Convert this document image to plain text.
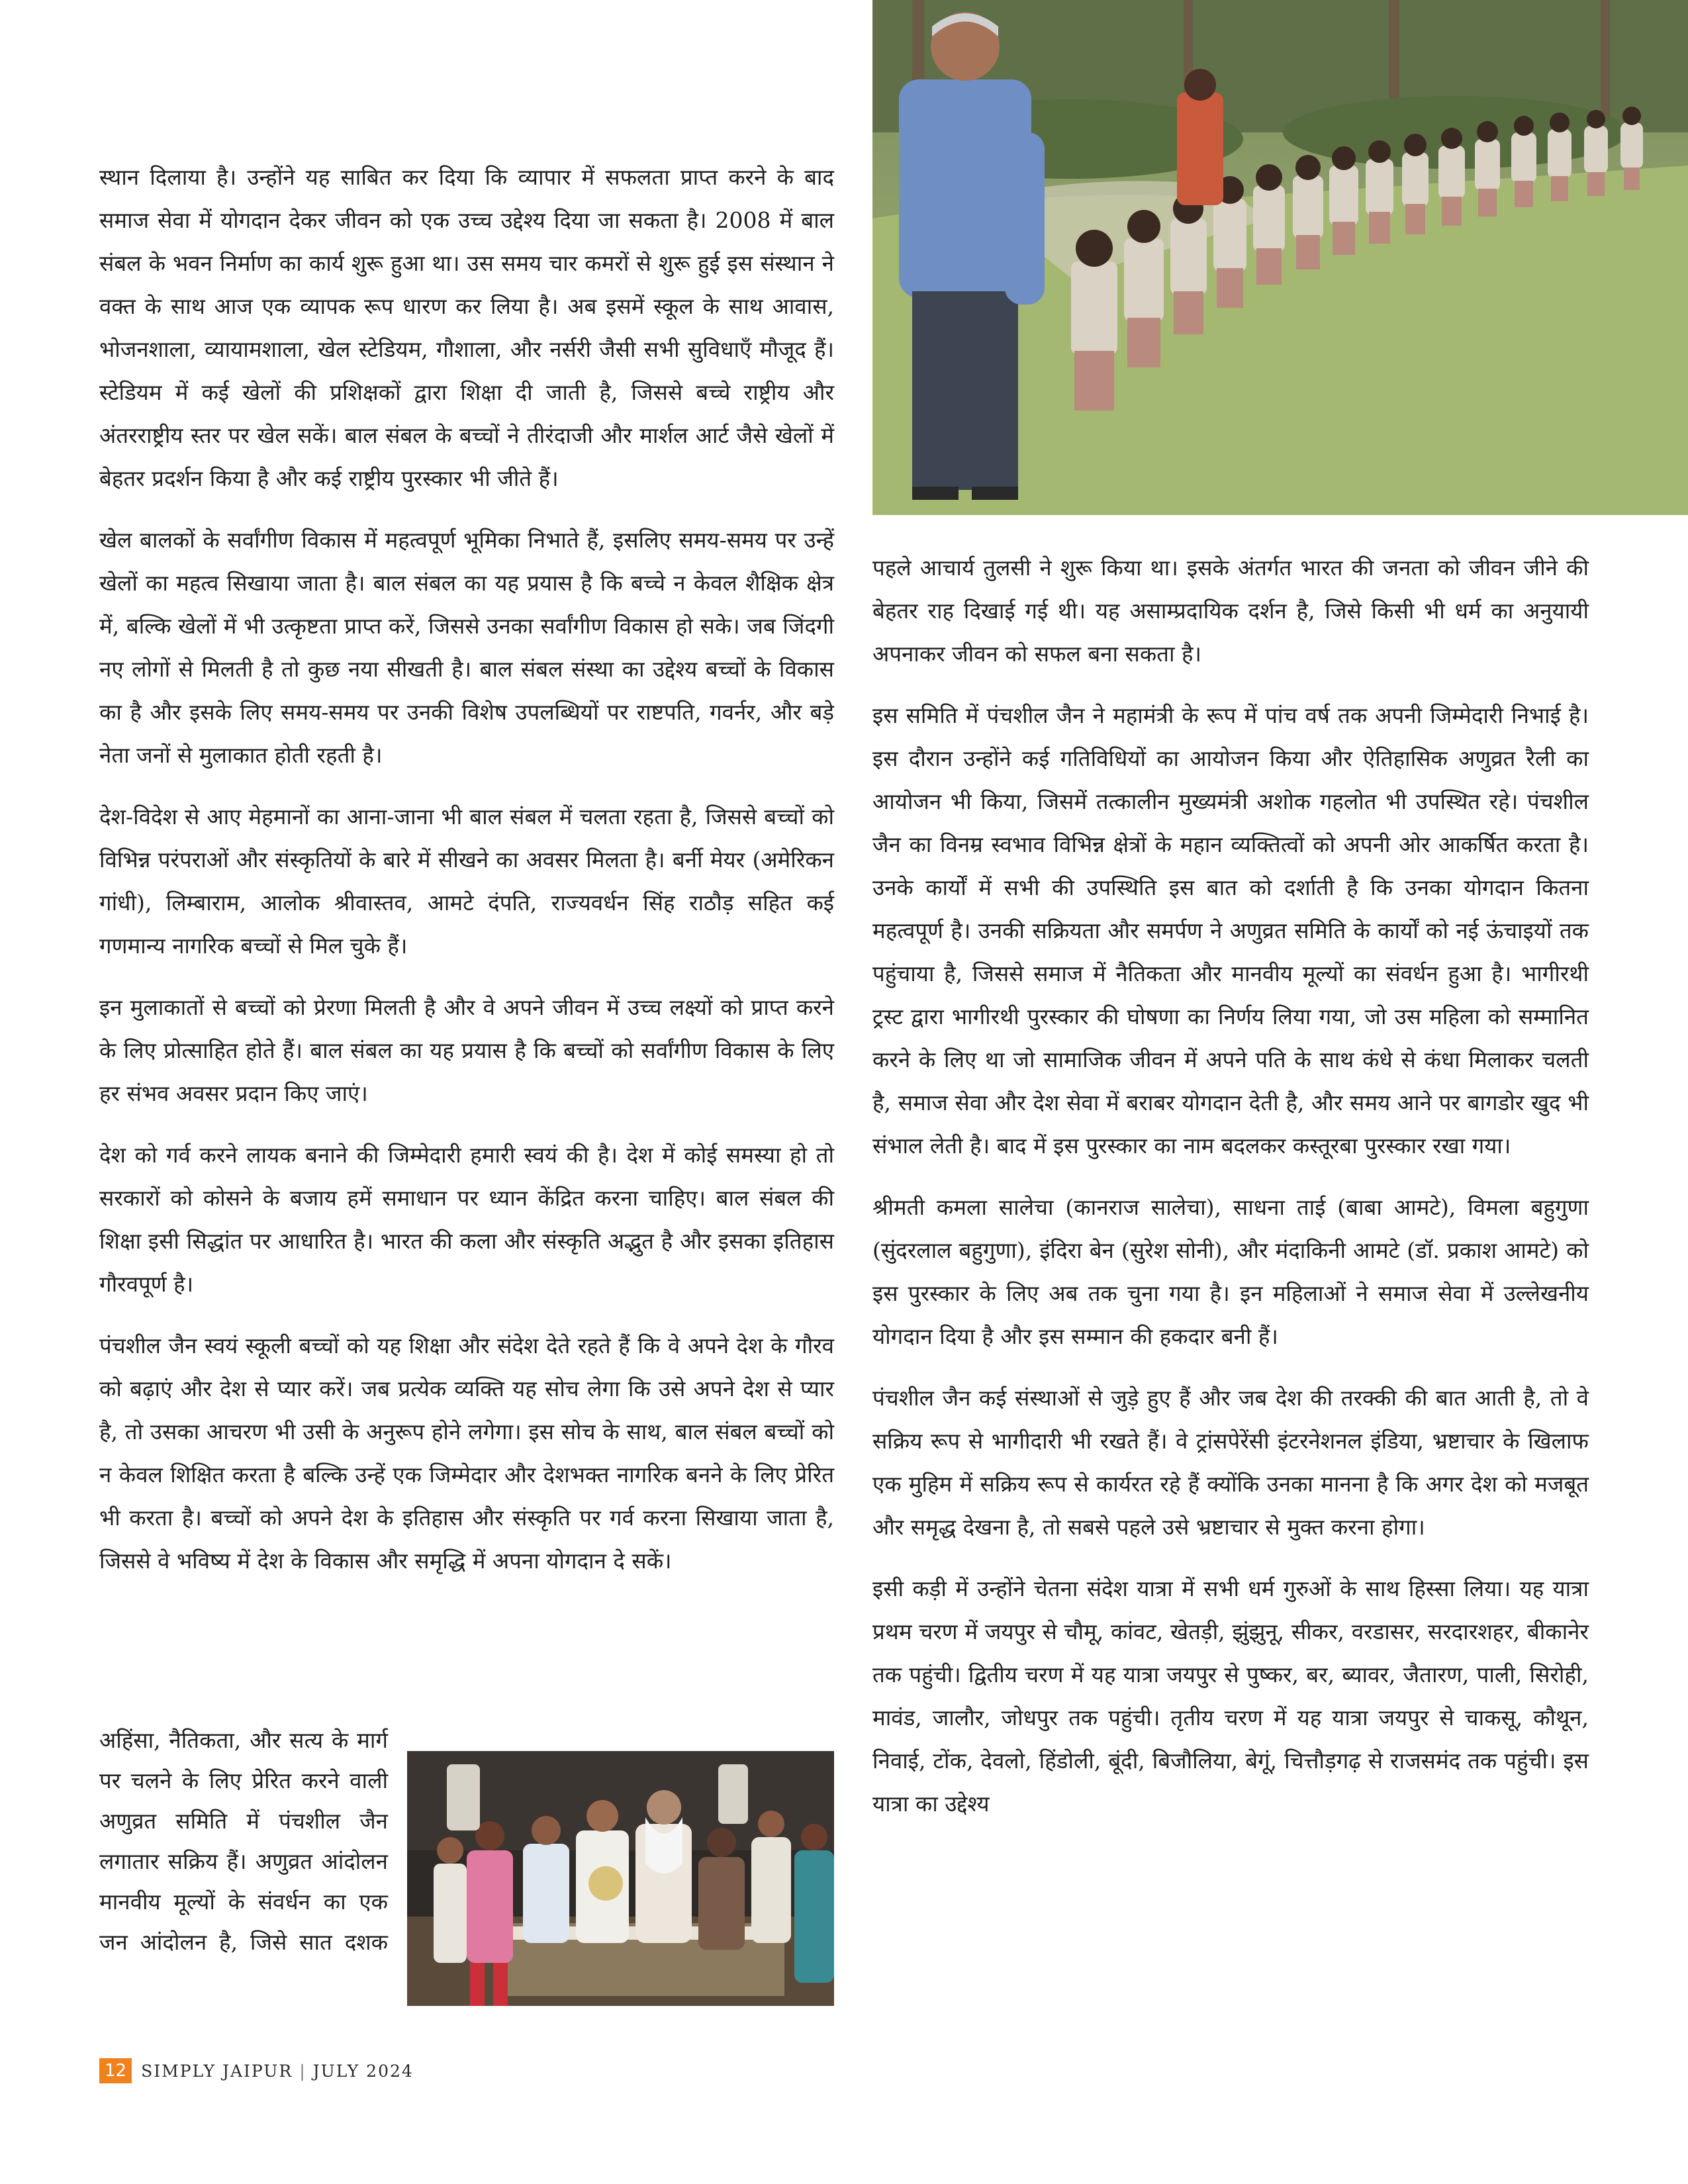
स्थान दिलाया है। उन्होंने यह साबित कर दिया कि व्यापार में सफलता प्राप्त करने के बाद समाज सेवा में योगदान देकर जीवन को एक उच्च उद्देश्य दिया जा सकता है। 2008 में बाल संबल के भवन निर्माण का कार्य शुरू हुआ था। उस समय चार कमरों से शुरू हुई इस संस्थान ने वक्त के साथ आज एक व्यापक रूप धारण कर लिया है। अब इसमें स्कूल के साथ आवास, भोजनशाला, व्यायामशाला, खेल स्टेडियम, गौशाला, और नर्सरी जैसी सभी सुविधाएँ मौजूद हैं। स्टेडियम में कई खेलों की प्रशिक्षकों द्वारा शिक्षा दी जाती है, जिससे बच्चे राष्ट्रीय और अंतरराष्ट्रीय स्तर पर खेल सकें। बाल संबल के बच्चों ने तीरंदाजी और मार्शल आर्ट जैसे खेलों में बेहतर प्रदर्शन किया है और कई राष्ट्रीय पुरस्कार भी जीते हैं।

खेल बालकों के सर्वांगीण विकास में महत्वपूर्ण भूमिका निभाते हैं, इसलिए समय-समय पर उन्हें खेलों का महत्व सिखाया जाता है। बाल संबल का यह प्रयास है कि बच्चे न केवल शैक्षिक क्षेत्र में, बल्कि खेलों में भी उत्कृष्टता प्राप्त करें, जिससे उनका सर्वांगीण विकास हो सके। जब जिंदगी नए लोगों से मिलती है तो कुछ नया सीखती है। बाल संबल संस्था का उद्देश्य बच्चों के विकास का है और इसके लिए समय-समय पर उनकी विशेष उपलब्धियों पर राष्टपति, गवर्नर, और बड़े नेता जनों से मुलाकात होती रहती है।

देश-विदेश से आए मेहमानों का आना-जाना भी बाल संबल में चलता रहता है, जिससे बच्चों को विभिन्न परंपराओं और संस्कृतियों के बारे में सीखने का अवसर मिलता है। बर्नी मेयर (अमेरिकन गांधी), लिम्बाराम, आलोक श्रीवास्तव, आमटे दंपति, राज्यवर्धन सिंह राठौड़ सहित कई गणमान्य नागरिक बच्चों से मिल चुके हैं।

इन मुलाकातों से बच्चों को प्रेरणा मिलती है और वे अपने जीवन में उच्च लक्ष्यों को प्राप्त करने के लिए प्रोत्साहित होते हैं। बाल संबल का यह प्रयास है कि बच्चों को सर्वांगीण विकास के लिए हर संभव अवसर प्रदान किए जाएं।

देश को गर्व करने लायक बनाने की जिम्मेदारी हमारी स्वयं की है। देश में कोई समस्या हो तो सरकारों को कोसने के बजाय हमें समाधान पर ध्यान केंद्रित करना चाहिए। बाल संबल की शिक्षा इसी सिद्धांत पर आधारित है। भारत की कला और संस्कृति अद्भुत है और इसका इतिहास गौरवपूर्ण है।

पंचशील जैन स्वयं स्कूली बच्चों को यह शिक्षा और संदेश देते रहते हैं कि वे अपने देश के गौरव को बढ़ाएं और देश से प्यार करें। जब प्रत्येक व्यक्ति यह सोच लेगा कि उसे अपने देश से प्यार है, तो उसका आचरण भी उसी के अनुरूप होने लगेगा। इस सोच के साथ, बाल संबल बच्चों को न केवल शिक्षित करता है बल्कि उन्हें एक जिम्मेदार और देशभक्त नागरिक बनने के लिए प्रेरित भी करता है। बच्चों को अपने देश के इतिहास और संस्कृति पर गर्व करना सिखाया जाता है, जिससे वे भविष्य में देश के विकास और समृद्धि में अपना योगदान दे सकें।

अहिंसा, नैतिकता, और सत्य के मार्ग पर चलने के लिए प्रेरित करने वाली अणुव्रत समिति में पंचशील जैन लगातार सक्रिय हैं। अणुव्रत आंदोलन मानवीय मूल्यों के संवर्धन का एक जन आंदोलन है, जिसे सात दशक

पहले आचार्य तुलसी ने शुरू किया था। इसके अंतर्गत भारत की जनता को जीवन जीने की बेहतर राह दिखाई गई थी। यह असाम्प्रदायिक दर्शन है, जिसे किसी भी धर्म का अनुयायी अपनाकर जीवन को सफल बना सकता है।

इस समिति में पंचशील जैन ने महामंत्री के रूप में पांच वर्ष तक अपनी जिम्मेदारी निभाई है। इस दौरान उन्होंने कई गतिविधियों का आयोजन किया और ऐतिहासिक अणुव्रत रैली का आयोजन भी किया, जिसमें तत्कालीन मुख्यमंत्री अशोक गहलोत भी उपस्थित रहे। पंचशील जैन का विनम्र स्वभाव विभिन्न क्षेत्रों के महान व्यक्तित्वों को अपनी ओर आकर्षित करता है। उनके कार्यों में सभी की उपस्थिति इस बात को दर्शाती है कि उनका योगदान कितना महत्वपूर्ण है। उनकी सक्रियता और समर्पण ने अणुव्रत समिति के कार्यों को नई ऊंचाइयों तक पहुंचाया है, जिससे समाज में नैतिकता और मानवीय मूल्यों का संवर्धन हुआ है। भागीरथी ट्रस्ट द्वारा भागीरथी पुरस्कार की घोषणा का निर्णय लिया गया, जो उस महिला को सम्मानित करने के लिए था जो सामाजिक जीवन में अपने पति के साथ कंधे से कंधा मिलाकर चलती है, समाज सेवा और देश सेवा में बराबर योगदान देती है, और समय आने पर बागडोर खुद भी संभाल लेती है। बाद में इस पुरस्कार का नाम बदलकर कस्तूरबा पुरस्कार रखा गया।

श्रीमती कमला सालेचा (कानराज सालेचा), साधना ताई (बाबा आमटे), विमला बहुगुणा (सुंदरलाल बहुगुणा), इंदिरा बेन (सुरेश सोनी), और मंदाकिनी आमटे (डॉ. प्रकाश आमटे) को इस पुरस्कार के लिए अब तक चुना गया है। इन महिलाओं ने समाज सेवा में उल्लेखनीय योगदान दिया है और इस सम्मान की हकदार बनी हैं।

पंचशील जैन कई संस्थाओं से जुड़े हुए हैं और जब देश की तरक्की की बात आती है, तो वे सक्रिय रूप से भागीदारी भी रखते हैं। वे ट्रांसपेरेंसी इंटरनेशनल इंडिया, भ्रष्टाचार के खिलाफ एक मुहिम में सक्रिय रूप से कार्यरत रहे हैं क्योंकि उनका मानना है कि अगर देश को मजबूत और समृद्ध देखना है, तो सबसे पहले उसे भ्रष्टाचार से मुक्त करना होगा।

इसी कड़ी में उन्होंने चेतना संदेश यात्रा में सभी धर्म गुरुओं के साथ हिस्सा लिया। यह यात्रा प्रथम चरण में जयपुर से चौमू, कांवट, खेतड़ी, झुंझुनू, सीकर, वरडासर, सरदारशहर, बीकानेर तक पहुंची। द्वितीय चरण में यह यात्रा जयपुर से पुष्कर, बर, ब्यावर, जैतारण, पाली, सिरोही, मावंड, जालौर, जोधपुर तक पहुंची। तृतीय चरण में यह यात्रा जयपुर से चाकसू, कौथून, निवाई, टोंक, देवलो, हिंडोली, बूंदी, बिजौलिया, बेगूं, चित्तौड़गढ़ से राजसमंद तक पहुंची। इस यात्रा का उद्देश्य

12 SIMPLY JAIPUR | JULY 2024
